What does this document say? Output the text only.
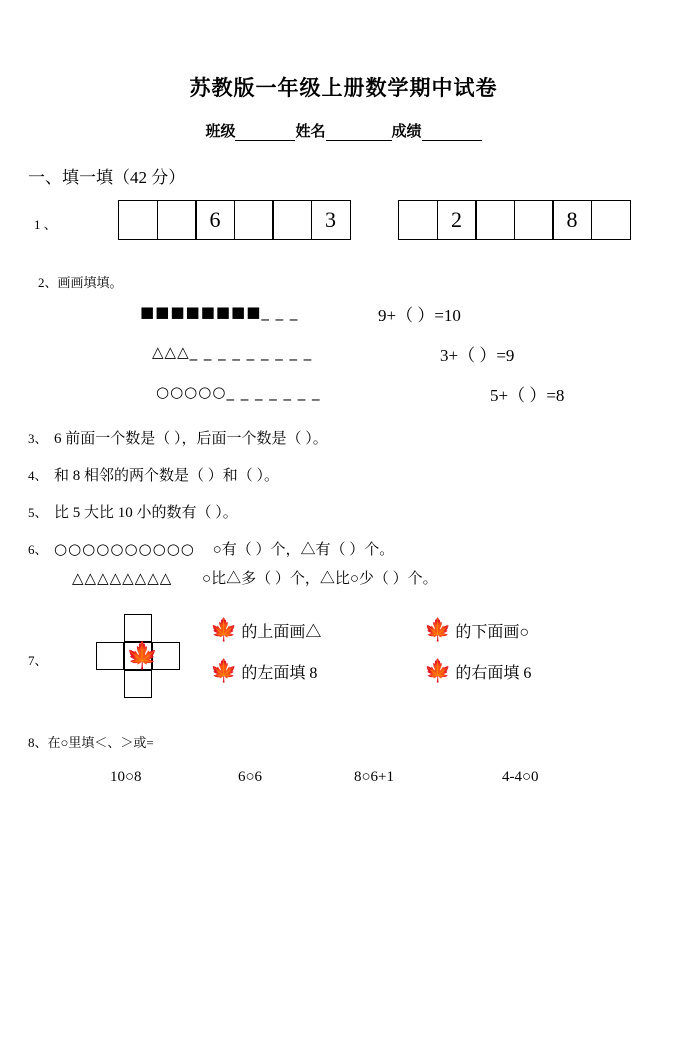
苏教版一年级上册数学期中试卷
班级	姓名	成绩
一、填一填（42 分）
1 、	6	3	2	8
2、画画填填。
■■■■■■■■_ _ _	9+（ ）=10
△△△_ _ _ _ _ _ _ _ _	3+（ ）=9
○○○○○_ _ _ _ _ _ _	5+（ ）=8
3、 6 前面一个数是（ ），后面一个数是（ ）。
4、 和 8 相邻的两个数是（ ）和（ ）。
5、 比 5 大比 10 小的数有（ ）。
6、 ○○○○○○○○○○ ○有（ ）个，△有（ ）个。
△△△△△△△△ ○比△多（ ）个，△比○少（ ）个。
7、	🍁
🍁 的上面画△	🍁 的下面画○
🍁 的左面填 8	🍁 的右面填 6
8、在○里填＜、＞或=
10○8	6○6	8○6+1	4-4○0
